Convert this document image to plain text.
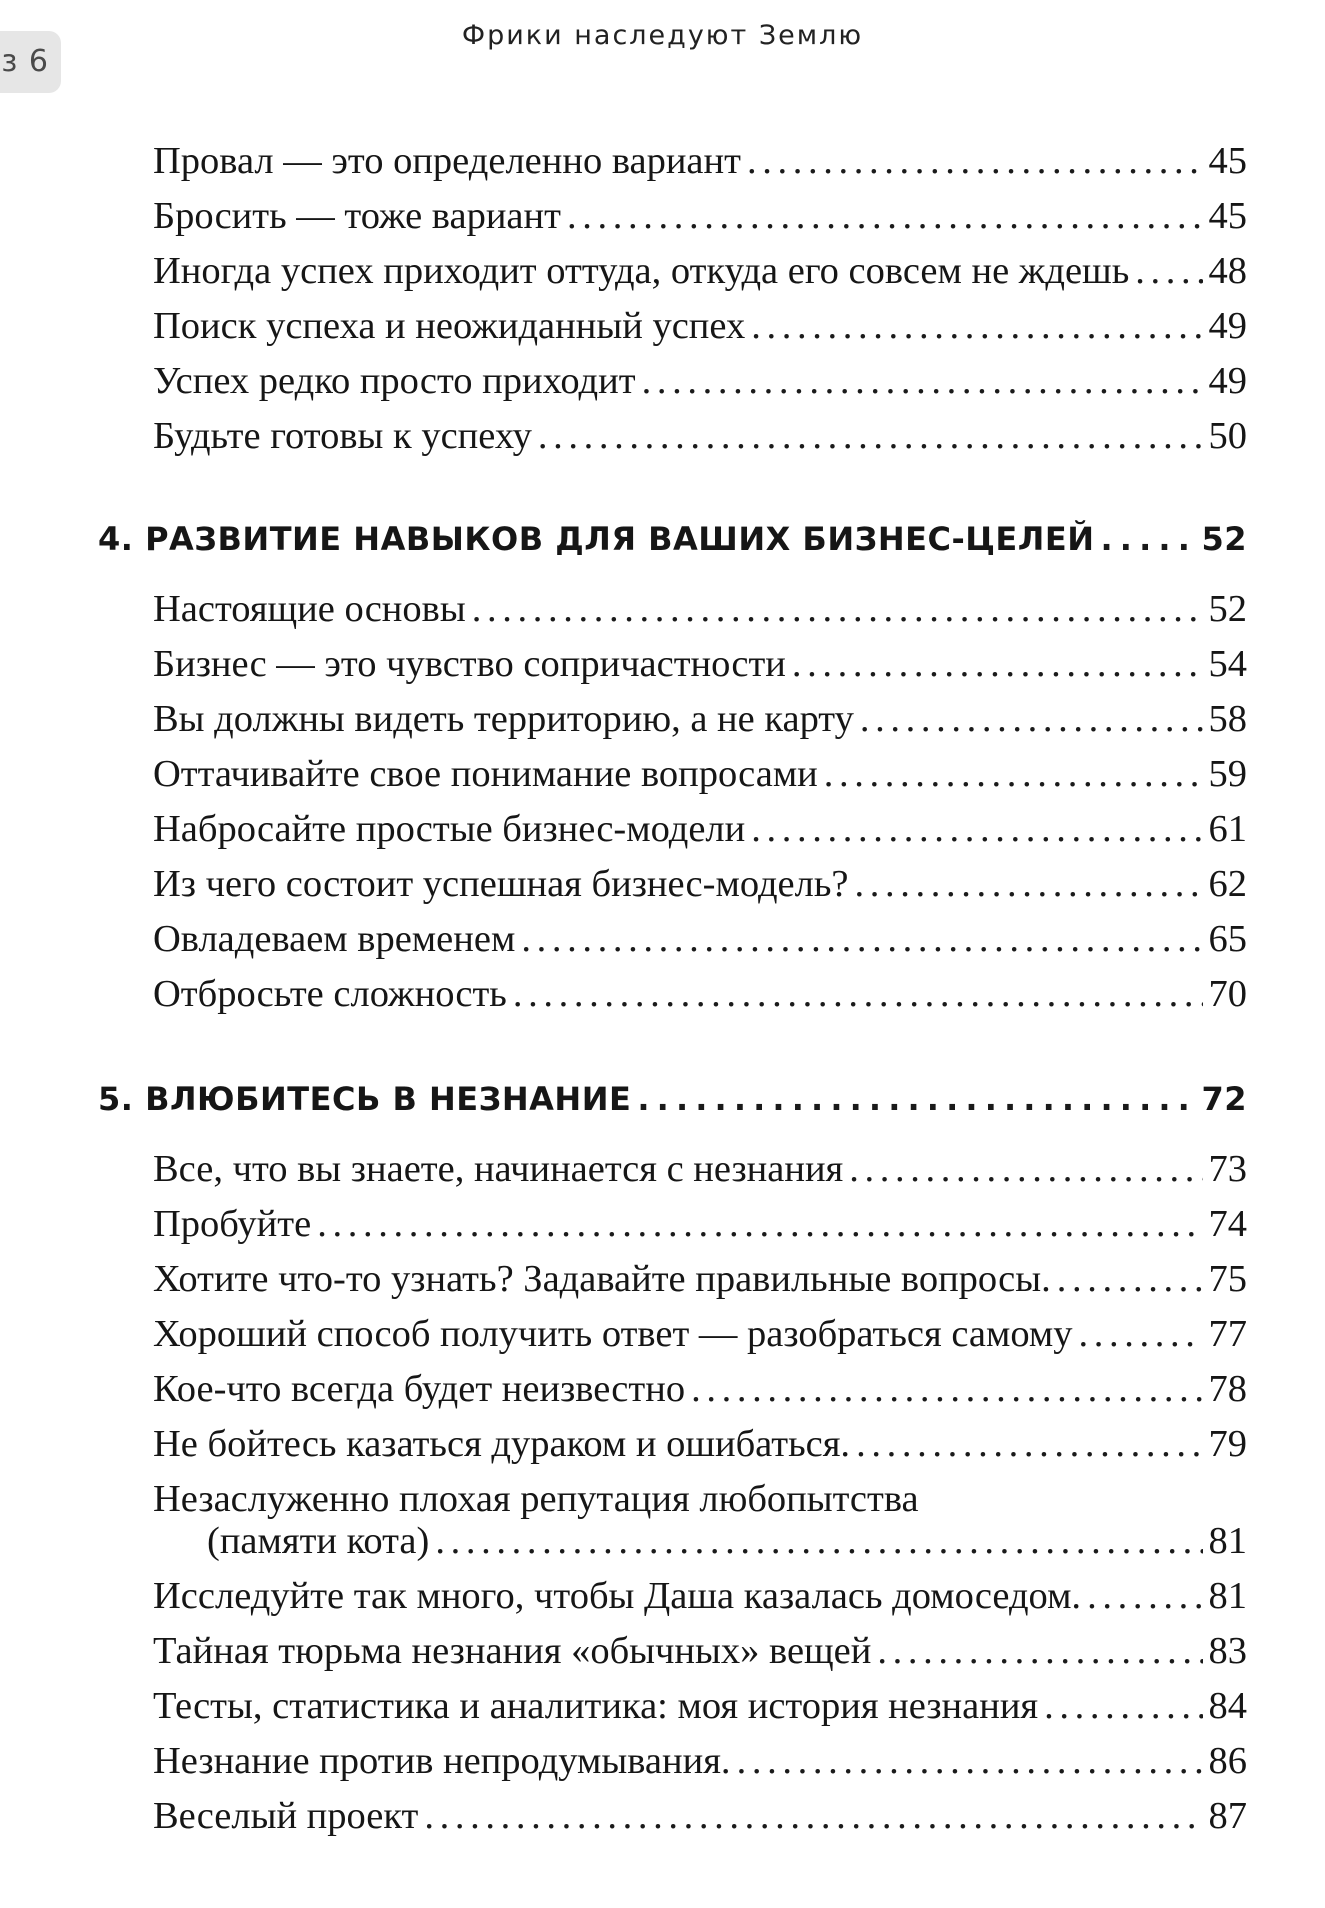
з 6
Фрики наследуют Землю
Провал — это определенно вариант . . .	45
Бросить — тоже вариант . . .	45
Иногда успех приходит оттуда, откуда его совсем не ждешь . . . 48
Поиск успеха и неожиданный успех . . .	49
Успех редко просто приходит . . .	49
Будьте готовы к успеху . . .	50
4. РАЗВИТИЕ НАВЫКОВ ДЛЯ ВАШИХ БИЗНЕС-ЦЕЛЕЙ . . .	52
Настоящие основы . . .	52
Бизнес — это чувство сопричастности . . .	54
Вы должны видеть территорию, а не карту . . .	58
Оттачивайте свое понимание вопросами . . .	59
Набросайте простые бизнес-модели . . .	61
Из чего состоит успешная бизнес-модель? . . .	62
Овладеваем временем . . .	65
Отбросьте сложность . . .	70
5. ВЛЮБИТЕСЬ В НЕЗНАНИЕ . . .	72
Все, что вы знаете, начинается с незнания . . .	73
Пробуйте . . .	74
Хотите что-то узнать? Задавайте правильные вопросы. . . .	75
Хороший способ получить ответ — разобраться самому . . .	77
Кое-что всегда будет неизвестно . . .	78
Не бойтесь казаться дураком и ошибаться. . . .	79
Незаслуженно плохая репутация любопытства
(памяти кота) . . .	81
Исследуйте так много, чтобы Даша казалась домоседом. . . .	81
Тайная тюрьма незнания «обычных» вещей . . .	83
Тесты, статистика и аналитика: моя история незнания . . .	84
Незнание против непродумывания. . . .	86
Веселый проект . . .	87
